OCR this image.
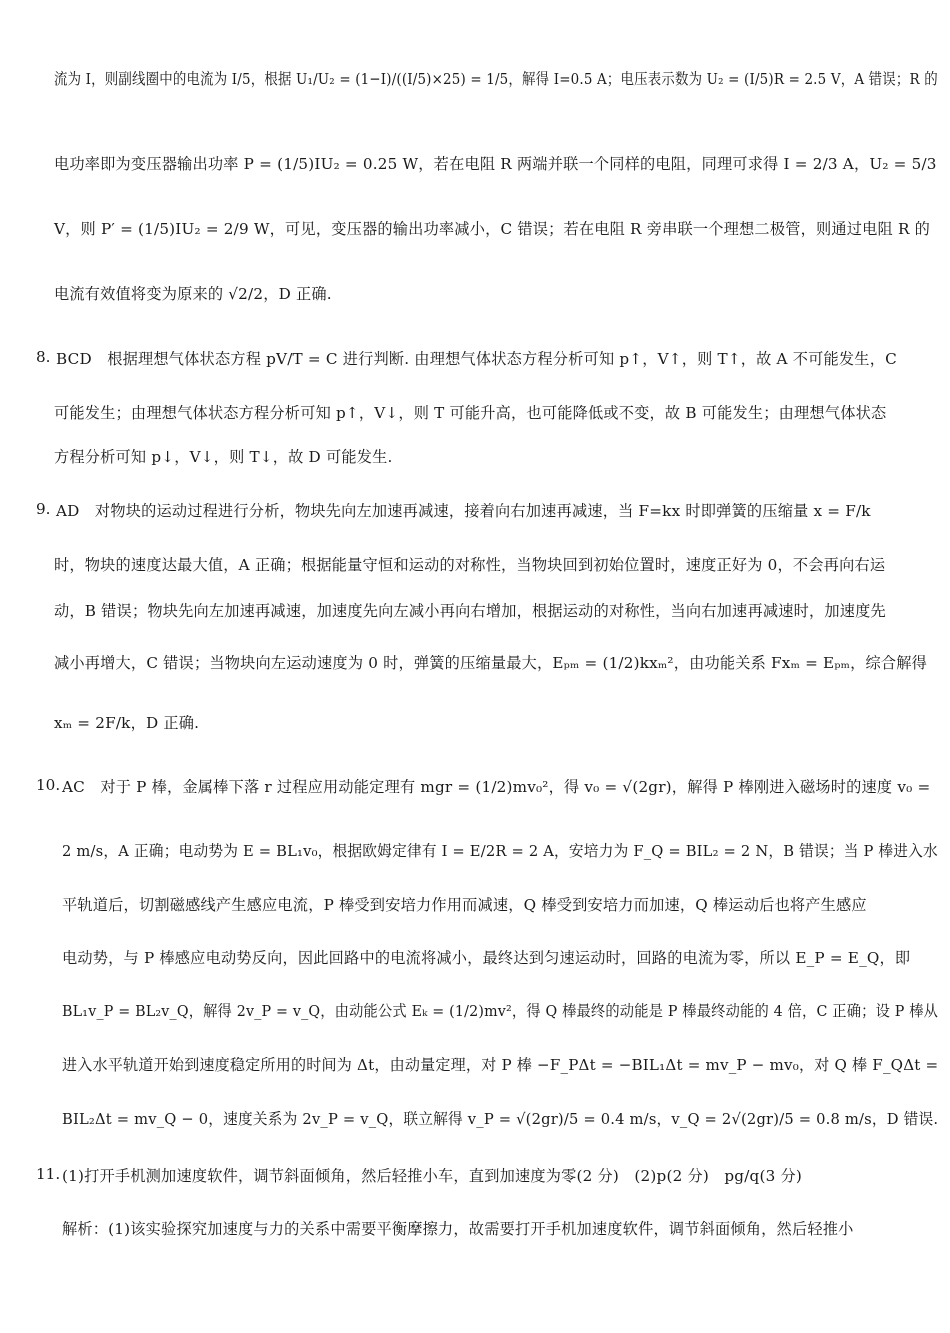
流为 I，则副线圈中的电流为 I/5，根据 U₁/U₂ = (1−I)/((I/5)×25) = 1/5，解得 I=0.5 A；电压表示数为 U₂ = (I/5)R = 2.5 V，A 错误；R 的
电功率即为变压器输出功率 P = (1/5)IU₂ = 0.25 W，若在电阻 R 两端并联一个同样的电阻，同理可求得 I = 2/3 A，U₂ = 5/3
V，则 P′ = (1/5)IU₂ = 2/9 W，可见，变压器的输出功率减小，C 错误；若在电阻 R 旁串联一个理想二极管，则通过电阻 R 的
电流有效值将变为原来的 √2/2，D 正确.
8. BCD　根据理想气体状态方程 pV/T = C 进行判断. 由理想气体状态方程分析可知 p↑，V↑，则 T↑，故 A 不可能发生，C
可能发生；由理想气体状态方程分析可知 p↑，V↓，则 T 可能升高，也可能降低或不变，故 B 可能发生；由理想气体状态
方程分析可知 p↓，V↓，则 T↓，故 D 可能发生.
9. AD　对物块的运动过程进行分析，物块先向左加速再减速，接着向右加速再减速，当 F=kx 时即弹簧的压缩量 x = F/k
时，物块的速度达最大值，A 正确；根据能量守恒和运动的对称性，当物块回到初始位置时，速度正好为 0，不会再向右运
动，B 错误；物块先向左加速再减速，加速度先向左减小再向右增加，根据运动的对称性，当向右加速再减速时，加速度先
减小再增大，C 错误；当物块向左运动速度为 0 时，弹簧的压缩量最大，Eₚₘ = (1/2)kxₘ²，由功能关系 Fxₘ = Eₚₘ，综合解得
xₘ = 2F/k，D 正确.
10. AC　对于 P 棒，金属棒下落 r 过程应用动能定理有 mgr = (1/2)mv₀²，得 v₀ = √(2gr)，解得 P 棒刚进入磁场时的速度 v₀ =
2 m/s，A 正确；电动势为 E = BL₁v₀，根据欧姆定律有 I = E/2R = 2 A，安培力为 F_Q = BIL₂ = 2 N，B 错误；当 P 棒进入水
平轨道后，切割磁感线产生感应电流，P 棒受到安培力作用而减速，Q 棒受到安培力而加速，Q 棒运动后也将产生感应
电动势，与 P 棒感应电动势反向，因此回路中的电流将减小，最终达到匀速运动时，回路的电流为零，所以 E_P = E_Q，即
BL₁v_P = BL₂v_Q，解得 2v_P = v_Q，由动能公式 Eₖ = (1/2)mv²，得 Q 棒最终的动能是 P 棒最终动能的 4 倍，C 正确；设 P 棒从
进入水平轨道开始到速度稳定所用的时间为 Δt，由动量定理，对 P 棒 −F_PΔt = −BIL₁Δt = mv_P − mv₀，对 Q 棒 F_QΔt =
BIL₂Δt = mv_Q − 0，速度关系为 2v_P = v_Q，联立解得 v_P = √(2gr)/5 = 0.4 m/s，v_Q = 2√(2gr)/5 = 0.8 m/s，D 错误.
11. (1)打开手机测加速度软件，调节斜面倾角，然后轻推小车，直到加速度为零(2 分)　(2)p(2 分)　pg/q(3 分)
解析：(1)该实验探究加速度与力的关系中需要平衡摩擦力，故需要打开手机加速度软件，调节斜面倾角，然后轻推小
